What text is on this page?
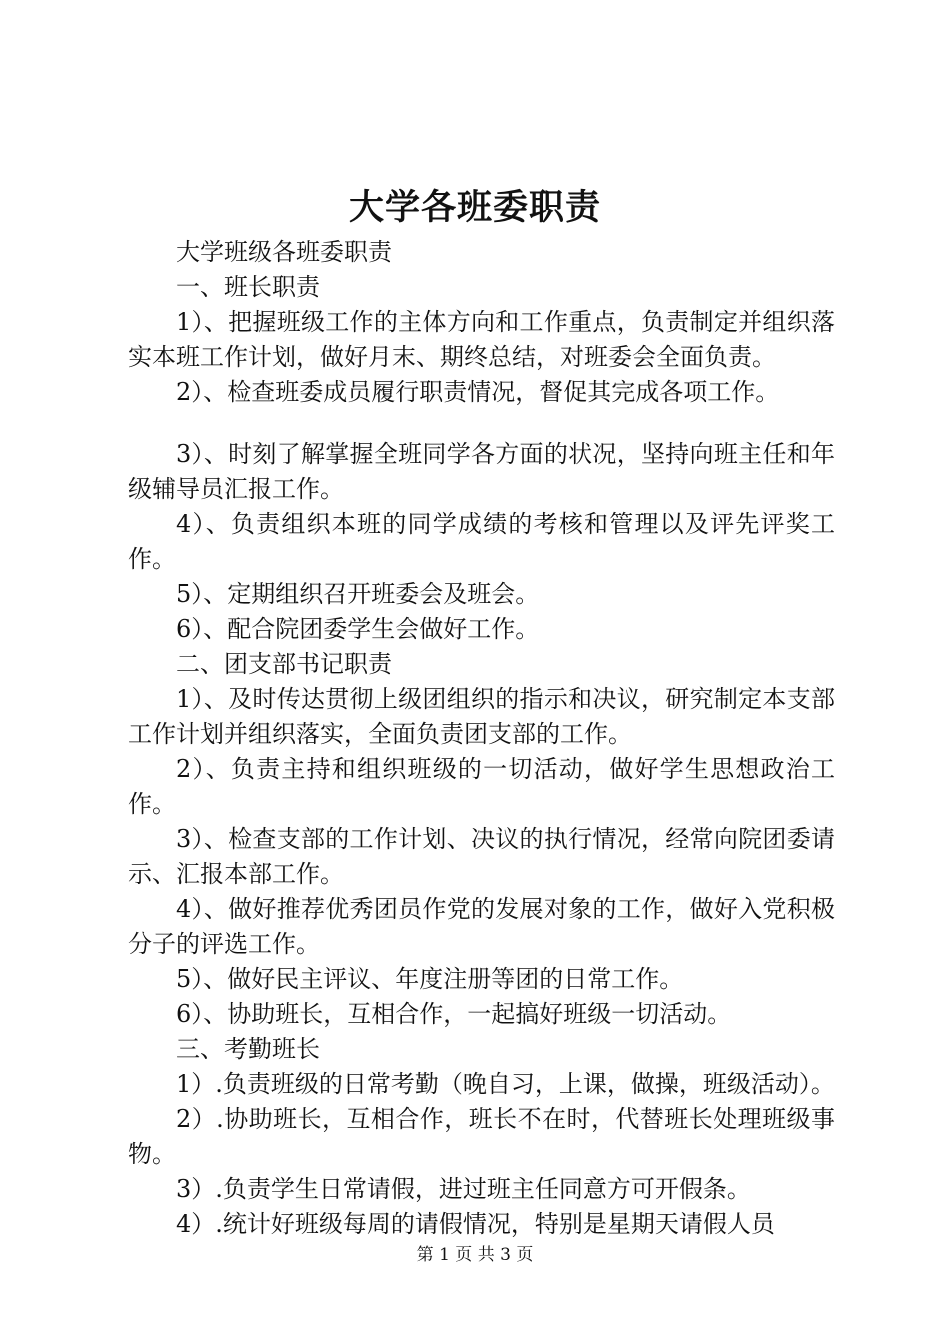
大学各班委职责

大学班级各班委职责

一、班长职责

1）、把握班级工作的主体方向和工作重点，负责制定并组织落实本班工作计划，做好月末、期终总结，对班委会全面负责。

2）、检查班委成员履行职责情况，督促其完成各项工作。

3）、时刻了解掌握全班同学各方面的状况，坚持向班主任和年级辅导员汇报工作。

4）、负责组织本班的同学成绩的考核和管理以及评先评奖工作。

5）、定期组织召开班委会及班会。

6）、配合院团委学生会做好工作。

二、团支部书记职责

1）、及时传达贯彻上级团组织的指示和决议，研究制定本支部工作计划并组织落实，全面负责团支部的工作。

2）、负责主持和组织班级的一切活动，做好学生思想政治工作。

3）、检查支部的工作计划、决议的执行情况，经常向院团委请示、汇报本部工作。

4）、做好推荐优秀团员作党的发展对象的工作，做好入党积极分子的评选工作。

5）、做好民主评议、年度注册等团的日常工作。

6）、协助班长，互相合作，一起搞好班级一切活动。

三、考勤班长

1）.负责班级的日常考勤（晚自习，上课，做操，班级活动）。

2）.协助班长，互相合作，班长不在时，代替班长处理班级事物。

3）.负责学生日常请假，进过班主任同意方可开假条。

4）.统计好班级每周的请假情况，特别是星期天请假人员

第 1 页 共 3 页
